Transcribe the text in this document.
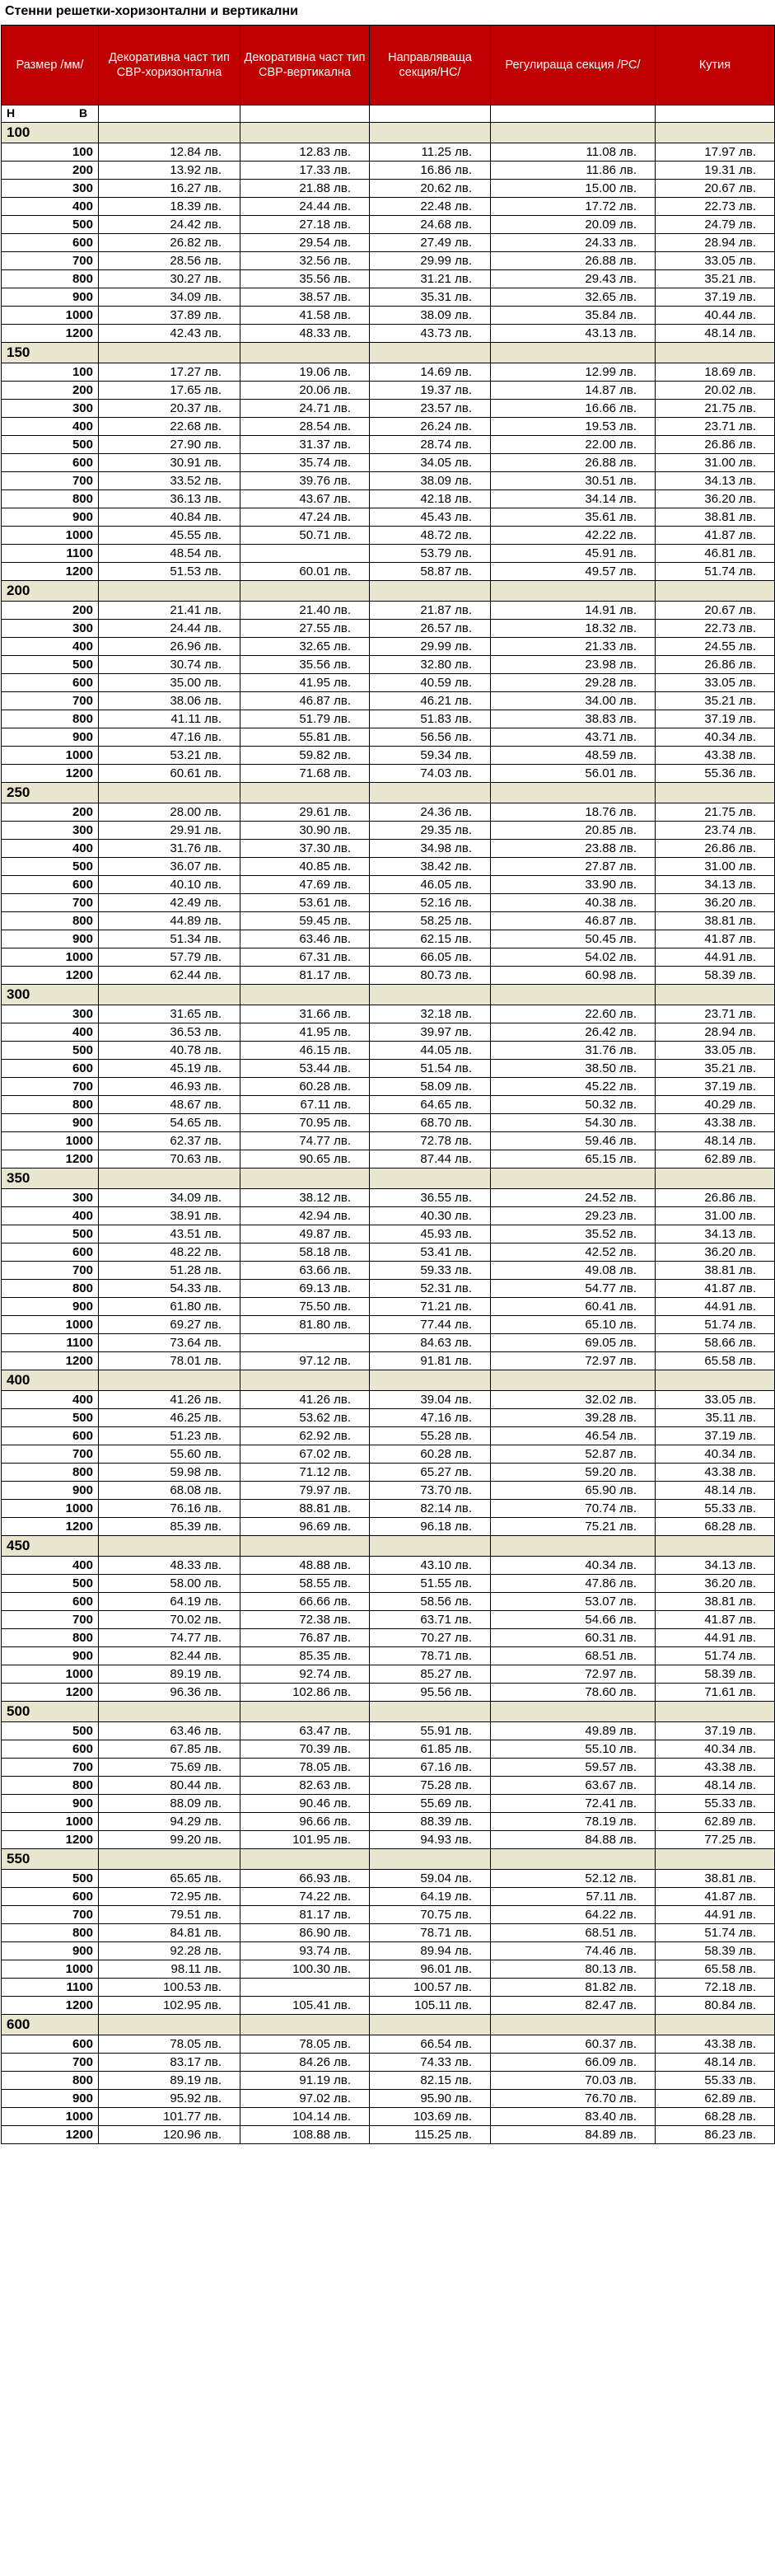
Стенни решетки-хоризонтални и вертикални
Размер /мм/	Декоративна част тип СВР-хоризонтална	Декоративна част тип СВР-вертикална	Направляваща секция/НС/	Регулираща секция /РС/	Кутия

H B					

100					
100	12.84 лв.	12.83 лв.	11.25 лв.	11.08 лв.	17.97 лв.
200	13.92 лв.	17.33 лв.	16.86 лв.	11.86 лв.	19.31 лв.
300	16.27 лв.	21.88 лв.	20.62 лв.	15.00 лв.	20.67 лв.
400	18.39 лв.	24.44 лв.	22.48 лв.	17.72 лв.	22.73 лв.
500	24.42 лв.	27.18 лв.	24.68 лв.	20.09 лв.	24.79 лв.
600	26.82 лв.	29.54 лв.	27.49 лв.	24.33 лв.	28.94 лв.
700	28.56 лв.	32.56 лв.	29.99 лв.	26.88 лв.	33.05 лв.
800	30.27 лв.	35.56 лв.	31.21 лв.	29.43 лв.	35.21 лв.
900	34.09 лв.	38.57 лв.	35.31 лв.	32.65 лв.	37.19 лв.
1000	37.89 лв.	41.58 лв.	38.09 лв.	35.84 лв.	40.44 лв.
1200	42.43 лв.	48.33 лв.	43.73 лв.	43.13 лв.	48.14 лв.
150					
100	17.27 лв.	19.06 лв.	14.69 лв.	12.99 лв.	18.69 лв.
200	17.65 лв.	20.06 лв.	19.37 лв.	14.87 лв.	20.02 лв.
300	20.37 лв.	24.71 лв.	23.57 лв.	16.66 лв.	21.75 лв.
400	22.68 лв.	28.54 лв.	26.24 лв.	19.53 лв.	23.71 лв.
500	27.90 лв.	31.37 лв.	28.74 лв.	22.00 лв.	26.86 лв.
600	30.91 лв.	35.74 лв.	34.05 лв.	26.88 лв.	31.00 лв.
700	33.52 лв.	39.76 лв.	38.09 лв.	30.51 лв.	34.13 лв.
800	36.13 лв.	43.67 лв.	42.18 лв.	34.14 лв.	36.20 лв.
900	40.84 лв.	47.24 лв.	45.43 лв.	35.61 лв.	38.81 лв.
1000	45.55 лв.	50.71 лв.	48.72 лв.	42.22 лв.	41.87 лв.
1100	48.54 лв.		53.79 лв.	45.91 лв.	46.81 лв.
1200	51.53 лв.	60.01 лв.	58.87 лв.	49.57 лв.	51.74 лв.
200					
200	21.41 лв.	21.40 лв.	21.87 лв.	14.91 лв.	20.67 лв.
300	24.44 лв.	27.55 лв.	26.57 лв.	18.32 лв.	22.73 лв.
400	26.96 лв.	32.65 лв.	29.99 лв.	21.33 лв.	24.55 лв.
500	30.74 лв.	35.56 лв.	32.80 лв.	23.98 лв.	26.86 лв.
600	35.00 лв.	41.95 лв.	40.59 лв.	29.28 лв.	33.05 лв.
700	38.06 лв.	46.87 лв.	46.21 лв.	34.00 лв.	35.21 лв.
800	41.11 лв.	51.79 лв.	51.83 лв.	38.83 лв.	37.19 лв.
900	47.16 лв.	55.81 лв.	56.56 лв.	43.71 лв.	40.34 лв.
1000	53.21 лв.	59.82 лв.	59.34 лв.	48.59 лв.	43.38 лв.
1200	60.61 лв.	71.68 лв.	74.03 лв.	56.01 лв.	55.36 лв.
250					
200	28.00 лв.	29.61 лв.	24.36 лв.	18.76 лв.	21.75 лв.
300	29.91 лв.	30.90 лв.	29.35 лв.	20.85 лв.	23.74 лв.
400	31.76 лв.	37.30 лв.	34.98 лв.	23.88 лв.	26.86 лв.
500	36.07 лв.	40.85 лв.	38.42 лв.	27.87 лв.	31.00 лв.
600	40.10 лв.	47.69 лв.	46.05 лв.	33.90 лв.	34.13 лв.
700	42.49 лв.	53.61 лв.	52.16 лв.	40.38 лв.	36.20 лв.
800	44.89 лв.	59.45 лв.	58.25 лв.	46.87 лв.	38.81 лв.
900	51.34 лв.	63.46 лв.	62.15 лв.	50.45 лв.	41.87 лв.
1000	57.79 лв.	67.31 лв.	66.05 лв.	54.02 лв.	44.91 лв.
1200	62.44 лв.	81.17 лв.	80.73 лв.	60.98 лв.	58.39 лв.
300					
300	31.65 лв.	31.66 лв.	32.18 лв.	22.60 лв.	23.71 лв.
400	36.53 лв.	41.95 лв.	39.97 лв.	26.42 лв.	28.94 лв.
500	40.78 лв.	46.15 лв.	44.05 лв.	31.76 лв.	33.05 лв.
600	45.19 лв.	53.44 лв.	51.54 лв.	38.50 лв.	35.21 лв.
700	46.93 лв.	60.28 лв.	58.09 лв.	45.22 лв.	37.19 лв.
800	48.67 лв.	67.11 лв.	64.65 лв.	50.32 лв.	40.29 лв.
900	54.65 лв.	70.95 лв.	68.70 лв.	54.30 лв.	43.38 лв.
1000	62.37 лв.	74.77 лв.	72.78 лв.	59.46 лв.	48.14 лв.
1200	70.63 лв.	90.65 лв.	87.44 лв.	65.15 лв.	62.89 лв.
350					
300	34.09 лв.	38.12 лв.	36.55 лв.	24.52 лв.	26.86 лв.
400	38.91 лв.	42.94 лв.	40.30 лв.	29.23 лв.	31.00 лв.
500	43.51 лв.	49.87 лв.	45.93 лв.	35.52 лв.	34.13 лв.
600	48.22 лв.	58.18 лв.	53.41 лв.	42.52 лв.	36.20 лв.
700	51.28 лв.	63.66 лв.	59.33 лв.	49.08 лв.	38.81 лв.
800	54.33 лв.	69.13 лв.	52.31 лв.	54.77 лв.	41.87 лв.
900	61.80 лв.	75.50 лв.	71.21 лв.	60.41 лв.	44.91 лв.
1000	69.27 лв.	81.80 лв.	77.44 лв.	65.10 лв.	51.74 лв.
1100	73.64 лв.		84.63 лв.	69.05 лв.	58.66 лв.
1200	78.01 лв.	97.12 лв.	91.81 лв.	72.97 лв.	65.58 лв.
400					
400	41.26 лв.	41.26 лв.	39.04 лв.	32.02 лв.	33.05 лв.
500	46.25 лв.	53.62 лв.	47.16 лв.	39.28 лв.	35.11 лв.
600	51.23 лв.	62.92 лв.	55.28 лв.	46.54 лв.	37.19 лв.
700	55.60 лв.	67.02 лв.	60.28 лв.	52.87 лв.	40.34 лв.
800	59.98 лв.	71.12 лв.	65.27 лв.	59.20 лв.	43.38 лв.
900	68.08 лв.	79.97 лв.	73.70 лв.	65.90 лв.	48.14 лв.
1000	76.16 лв.	88.81 лв.	82.14 лв.	70.74 лв.	55.33 лв.
1200	85.39 лв.	96.69 лв.	96.18 лв.	75.21 лв.	68.28 лв.
450					
400	48.33 лв.	48.88 лв.	43.10 лв.	40.34 лв.	34.13 лв.
500	58.00 лв.	58.55 лв.	51.55 лв.	47.86 лв.	36.20 лв.
600	64.19 лв.	66.66 лв.	58.56 лв.	53.07 лв.	38.81 лв.
700	70.02 лв.	72.38 лв.	63.71 лв.	54.66 лв.	41.87 лв.
800	74.77 лв.	76.87 лв.	70.27 лв.	60.31 лв.	44.91 лв.
900	82.44 лв.	85.35 лв.	78.71 лв.	68.51 лв.	51.74 лв.
1000	89.19 лв.	92.74 лв.	85.27 лв.	72.97 лв.	58.39 лв.
1200	96.36 лв.	102.86 лв.	95.56 лв.	78.60 лв.	71.61 лв.
500					
500	63.46 лв.	63.47 лв.	55.91 лв.	49.89 лв.	37.19 лв.
600	67.85 лв.	70.39 лв.	61.85 лв.	55.10 лв.	40.34 лв.
700	75.69 лв.	78.05 лв.	67.16 лв.	59.57 лв.	43.38 лв.
800	80.44 лв.	82.63 лв.	75.28 лв.	63.67 лв.	48.14 лв.
900	88.09 лв.	90.46 лв.	55.69 лв.	72.41 лв.	55.33 лв.
1000	94.29 лв.	96.66 лв.	88.39 лв.	78.19 лв.	62.89 лв.
1200	99.20 лв.	101.95 лв.	94.93 лв.	84.88 лв.	77.25 лв.
550					
500	65.65 лв.	66.93 лв.	59.04 лв.	52.12 лв.	38.81 лв.
600	72.95 лв.	74.22 лв.	64.19 лв.	57.11 лв.	41.87 лв.
700	79.51 лв.	81.17 лв.	70.75 лв.	64.22 лв.	44.91 лв.
800	84.81 лв.	86.90 лв.	78.71 лв.	68.51 лв.	51.74 лв.
900	92.28 лв.	93.74 лв.	89.94 лв.	74.46 лв.	58.39 лв.
1000	98.11 лв.	100.30 лв.	96.01 лв.	80.13 лв.	65.58 лв.
1100	100.53 лв.		100.57 лв.	81.82 лв.	72.18 лв.
1200	102.95 лв.	105.41 лв.	105.11 лв.	82.47 лв.	80.84 лв.
600					
600	78.05 лв.	78.05 лв.	66.54 лв.	60.37 лв.	43.38 лв.
700	83.17 лв.	84.26 лв.	74.33 лв.	66.09 лв.	48.14 лв.
800	89.19 лв.	91.19 лв.	82.15 лв.	70.03 лв.	55.33 лв.
900	95.92 лв.	97.02 лв.	95.90 лв.	76.70 лв.	62.89 лв.
1000	101.77 лв.	104.14 лв.	103.69 лв.	83.40 лв.	68.28 лв.
1200	120.96 лв.	108.88 лв.	115.25 лв.	84.89 лв.	86.23 лв.
